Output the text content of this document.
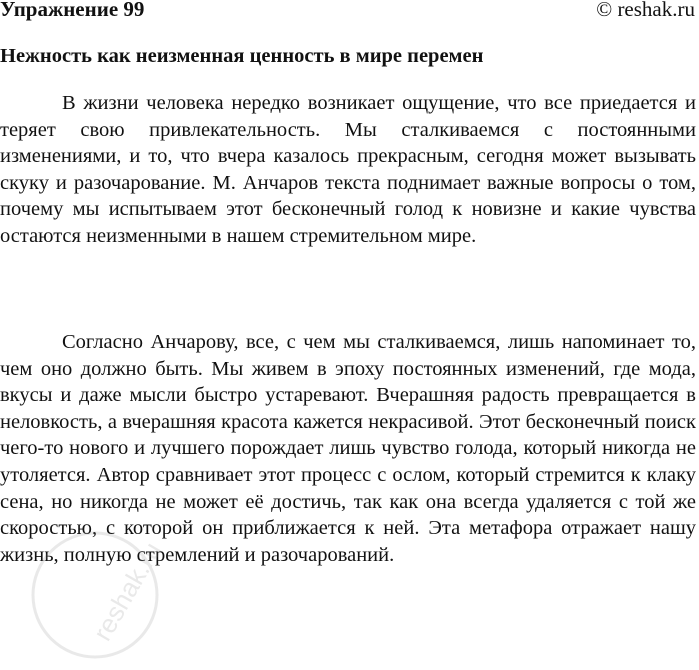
Упражнение 99	© reshak.ru
Нежность как неизменная ценность в мире перемен

В жизни человека нередко возникает ощущение, что все приедается и теряет свою привлекательность. Мы сталкиваемся с постоянными изменениями, и то, что вчера казалось прекрасным, сегодня может вызывать скуку и разочарование. М. Анчаров текста поднимает важные вопросы о том, почему мы испытываем этот бесконечный голод к новизне и какие чувства остаются неизменными в нашем стремительном мире.

Согласно Анчарову, все, с чем мы сталкиваемся, лишь напоминает то, чем оно должно быть. Мы живем в эпоху постоянных изменений, где мода, вкусы и даже мысли быстро устаревают. Вчерашняя радость превращается в неловкость, а вчерашняя красота кажется некрасивой. Этот бесконечный поиск чего-то нового и лучшего порождает лишь чувство голода, который никогда не утоляется. Автор сравнивает этот процесс с ослом, который стремится к клаку сена, но никогда не может её достичь, так как она всегда удаляется с той же скоростью, с которой он приближается к ней. Эта метафора отражает нашу жизнь, полную стремлений и разочарований.

reshak.ru
